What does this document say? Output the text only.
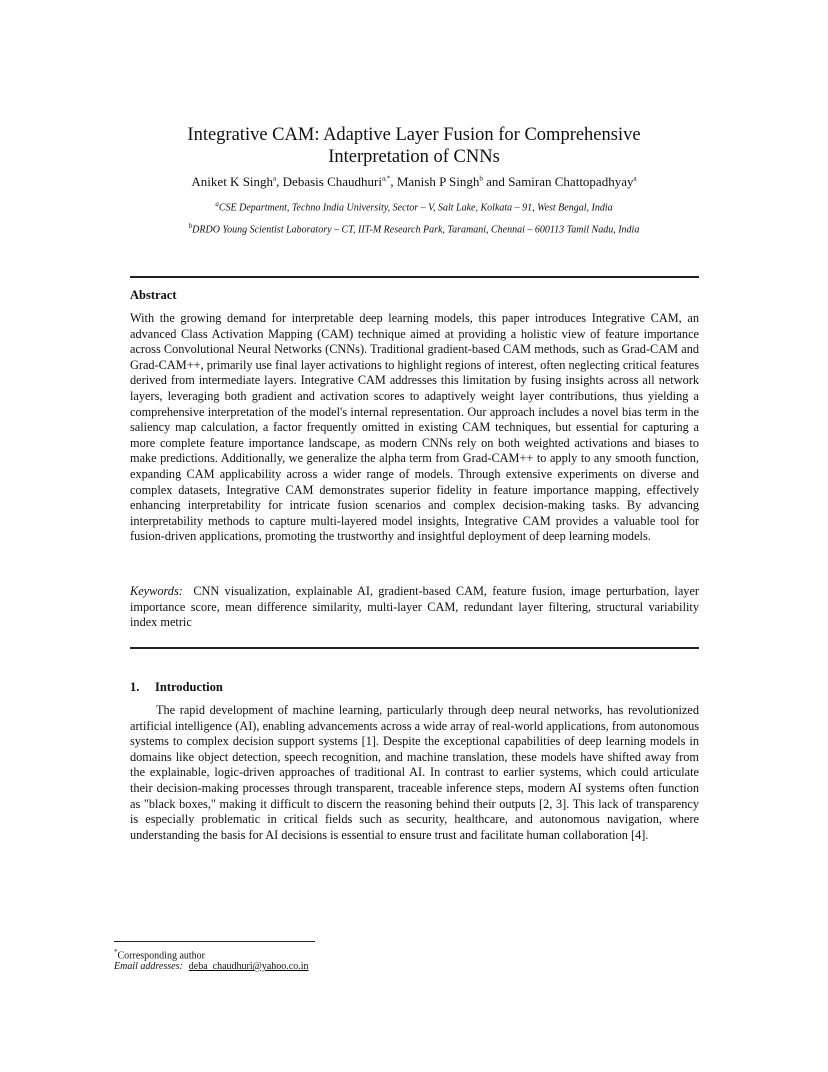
Integrative CAM: Adaptive Layer Fusion for Comprehensive
Interpretation of CNNs
Aniket K Singh$^a$, Debasis Chaudhuri$^{a,*}$, Manish P Singh$^b$ and Samiran Chattopadhyay$^a$
$^a$CSE Department, Techno India University, Sector – V, Salt Lake, Kolkata – 91, West Bengal, India
$^b$DRDO Young Scientist Laboratory – CT, IIT-M Research Park, Taramani, Chennai – 600113 Tamil Nadu, India
Abstract
With the growing demand for interpretable deep learning models, this paper introduces Integrative CAM, an advanced Class Activation Mapping (CAM) technique aimed at providing a holistic view of feature importance across Convolutional Neural Networks (CNNs). Traditional gradient-based CAM methods, such as Grad-CAM and Grad-CAM++, primarily use final layer activations to highlight regions of interest, often neglecting critical features derived from intermediate layers. Integrative CAM addresses this limitation by fusing insights across all network layers, leveraging both gradient and activation scores to adaptively weight layer contributions, thus yielding a comprehensive interpretation of the model's internal representation. Our approach includes a novel bias term in the saliency map calculation, a factor frequently omitted in existing CAM techniques, but essential for capturing a more complete feature importance landscape, as modern CNNs rely on both weighted activations and biases to make predictions. Additionally, we generalize the alpha term from Grad-CAM++ to apply to any smooth function, expanding CAM applicability across a wider range of models. Through extensive experiments on diverse and complex datasets, Integrative CAM demonstrates superior fidelity in feature importance mapping, effectively enhancing interpretability for intricate fusion scenarios and complex decision-making tasks. By advancing interpretability methods to capture multi-layered model insights, Integrative CAM provides a valuable tool for fusion-driven applications, promoting the trustworthy and insightful deployment of deep learning models.
Keywords: CNN visualization, explainable AI, gradient-based CAM, feature fusion, image perturbation, layer importance score, mean difference similarity, multi-layer CAM, redundant layer filtering, structural variability index metric
1. Introduction
The rapid development of machine learning, particularly through deep neural networks, has revolutionized artificial intelligence (AI), enabling advancements across a wide array of real-world applications, from autonomous systems to complex decision support systems [1]. Despite the exceptional capabilities of deep learning models in domains like object detection, speech recognition, and machine translation, these models have shifted away from the explainable, logic-driven approaches of traditional AI. In contrast to earlier systems, which could articulate their decision-making processes through transparent, traceable inference steps, modern AI systems often function as "black boxes," making it difficult to discern the reasoning behind their outputs [2, 3]. This lack of transparency is especially problematic in critical fields such as security, healthcare, and autonomous navigation, where understanding the basis for AI decisions is essential to ensure trust and facilitate human collaboration [4].
*Corresponding author
Email addresses: deba_chaudhuri@yahoo.co.in
